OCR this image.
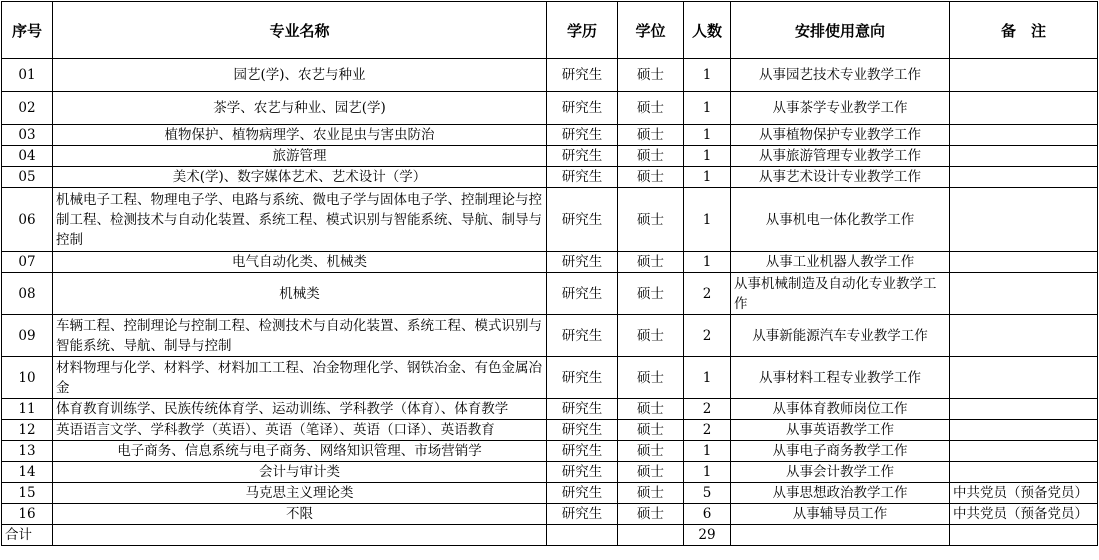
序号	专业名称	学历	学位	人数	安排使用意向	备　注
01	园艺(学)、农艺与种业	研究生	硕士	1	从事园艺技术专业教学工作	
02	茶学、农艺与种业、园艺(学)	研究生	硕士	1	从事茶学专业教学工作	
03	植物保护、植物病理学、农业昆虫与害虫防治	研究生	硕士	1	从事植物保护专业教学工作	
04	旅游管理	研究生	硕士	1	从事旅游管理专业教学工作	
05	美术(学)、数字媒体艺术、艺术设计（学）	研究生	硕士	1	从事艺术设计专业教学工作	
06	机械电子工程、物理电子学、电路与系统、微电子学与固体电子学、控制理论与控制工程、检测技术与自动化装置、系统工程、模式识别与智能系统、导航、制导与控制	研究生	硕士	1	从事机电一体化教学工作	
07	电气自动化类、机械类	研究生	硕士	1	从事工业机器人教学工作	
08	机械类	研究生	硕士	2	从事机械制造及自动化专业教学工作	
09	车辆工程、控制理论与控制工程、检测技术与自动化装置、系统工程、模式识别与智能系统、导航、制导与控制	研究生	硕士	2	从事新能源汽车专业教学工作	
10	材料物理与化学、材料学、材料加工工程、冶金物理化学、钢铁冶金、有色金属冶金	研究生	硕士	1	从事材料工程专业教学工作	
11	体育教育训练学、民族传统体育学、运动训练、学科教学（体育）、体育教学	研究生	硕士	2	从事体育教师岗位工作	
12	英语语言文学、学科教学（英语）、英语（笔译）、英语（口译）、英语教育	研究生	硕士	2	从事英语教学工作	
13	电子商务、信息系统与电子商务、网络知识管理、市场营销学	研究生	硕士	1	从事电子商务教学工作	
14	会计与审计类	研究生	硕士	1	从事会计教学工作	
15	马克思主义理论类	研究生	硕士	5	从事思想政治教学工作	中共党员（预备党员）
16	不限	研究生	硕士	6	从事辅导员工作	中共党员（预备党员）
合计				29		
